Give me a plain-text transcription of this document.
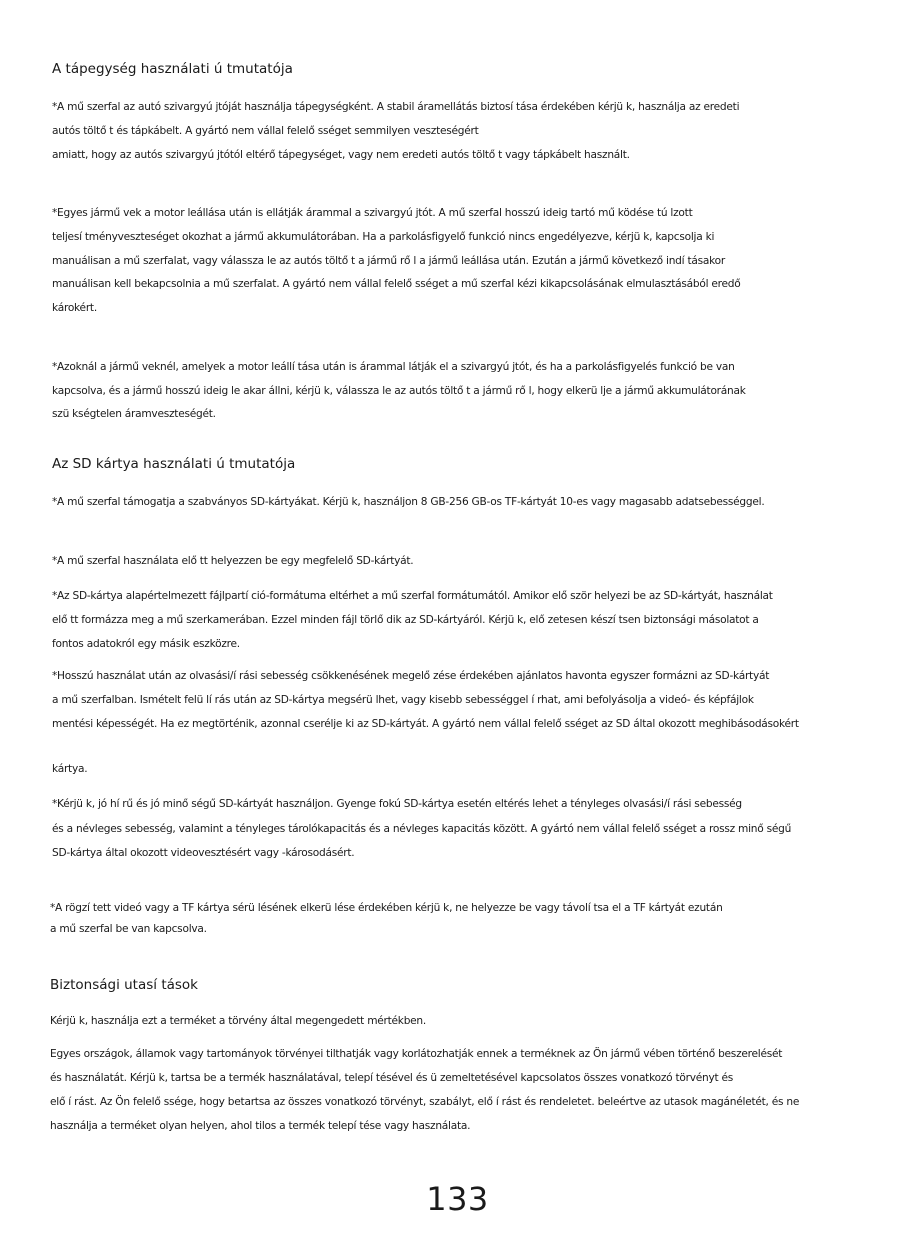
A tápegység használati ú tmutatója
*A mű szerfal az autó szivargyú jtóját használja tápegységként. A stabil áramellátás biztosí tása érdekében kérjü k, használja az eredeti
autós töltő t és tápkábelt. A gyártó nem vállal felelő sséget semmilyen veszteségért
amiatt, hogy az autós szivargyú jtótól eltérő tápegységet, vagy nem eredeti autós töltő t vagy tápkábelt használt.
*Egyes jármű vek a motor leállása után is ellátják árammal a szivargyú jtót. A mű szerfal hosszú ideig tartó mű ködése tú lzott
teljesí tményveszteséget okozhat a jármű akkumulátorában. Ha a parkolásfigyelő funkció nincs engedélyezve, kérjü k, kapcsolja ki
manuálisan a mű szerfalat, vagy válassza le az autós töltő t a jármű rő l a jármű leállása után. Ezután a jármű következő indí tásakor
manuálisan kell bekapcsolnia a mű szerfalat. A gyártó nem vállal felelő sséget a mű szerfal kézi kikapcsolásának elmulasztásából eredő
károkért.
*Azoknál a jármű veknél, amelyek a motor leállí tása után is árammal látják el a szivargyú jtót, és ha a parkolásfigyelés funkció be van
kapcsolva, és a jármű hosszú ideig le akar állni, kérjü k, válassza le az autós töltő t a jármű rő l, hogy elkerü lje a jármű akkumulátorának
szü kségtelen áramveszteségét.
Az SD kártya használati ú tmutatója
*A mű szerfal támogatja a szabványos SD-kártyákat. Kérjü k, használjon 8 GB-256 GB-os TF-kártyát 10-es vagy magasabb adatsebességgel.
*A mű szerfal használata elő tt helyezzen be egy megfelelő SD-kártyát.
*Az SD-kártya alapértelmezett fájlpartí ció-formátuma eltérhet a mű szerfal formátumától. Amikor elő ször helyezi be az SD-kártyát, használat
elő tt formázza meg a mű szerkamerában. Ezzel minden fájl törlő dik az SD-kártyáról. Kérjü k, elő zetesen készí tsen biztonsági másolatot a
fontos adatokról egy másik eszközre.
*Hosszú használat után az olvasási/í rási sebesség csökkenésének megelő zése érdekében ajánlatos havonta egyszer formázni az SD-kártyát
a mű szerfalban. Ismételt felü lí rás után az SD-kártya megsérü lhet, vagy kisebb sebességgel í rhat, ami befolyásolja a videó- és képfájlok
mentési képességét. Ha ez megtörténik, azonnal cserélje ki az SD-kártyát. A gyártó nem vállal felelő sséget az SD által okozott meghibásodásokért
kártya.
*Kérjü k, jó hí rű és jó minő ségű SD-kártyát használjon. Gyenge fokú SD-kártya esetén eltérés lehet a tényleges olvasási/í rási sebesség
és a névleges sebesség, valamint a tényleges tárolókapacitás és a névleges kapacitás között. A gyártó nem vállal felelő sséget a rossz minő ségű
SD-kártya által okozott videovesztésért vagy -károsodásért.
*A rögzí tett videó vagy a TF kártya sérü lésének elkerü lése érdekében kérjü k, ne helyezze be vagy távolí tsa el a TF kártyát ezután
a mű szerfal be van kapcsolva.
Biztonsági utasí tások
Kérjü k, használja ezt a terméket a törvény által megengedett mértékben.
Egyes országok, államok vagy tartományok törvényei tilthatják vagy korlátozhatják ennek a terméknek az Ön jármű vében történő beszerelését
és használatát. Kérjü k, tartsa be a termék használatával, telepí tésével és ü zemeltetésével kapcsolatos összes vonatkozó törvényt és
elő í rást. Az Ön felelő ssége, hogy betartsa az összes vonatkozó törvényt, szabályt, elő í rást és rendeletet. beleértve az utasok magánéletét, és ne
használja a terméket olyan helyen, ahol tilos a termék telepí tése vagy használata.
133
